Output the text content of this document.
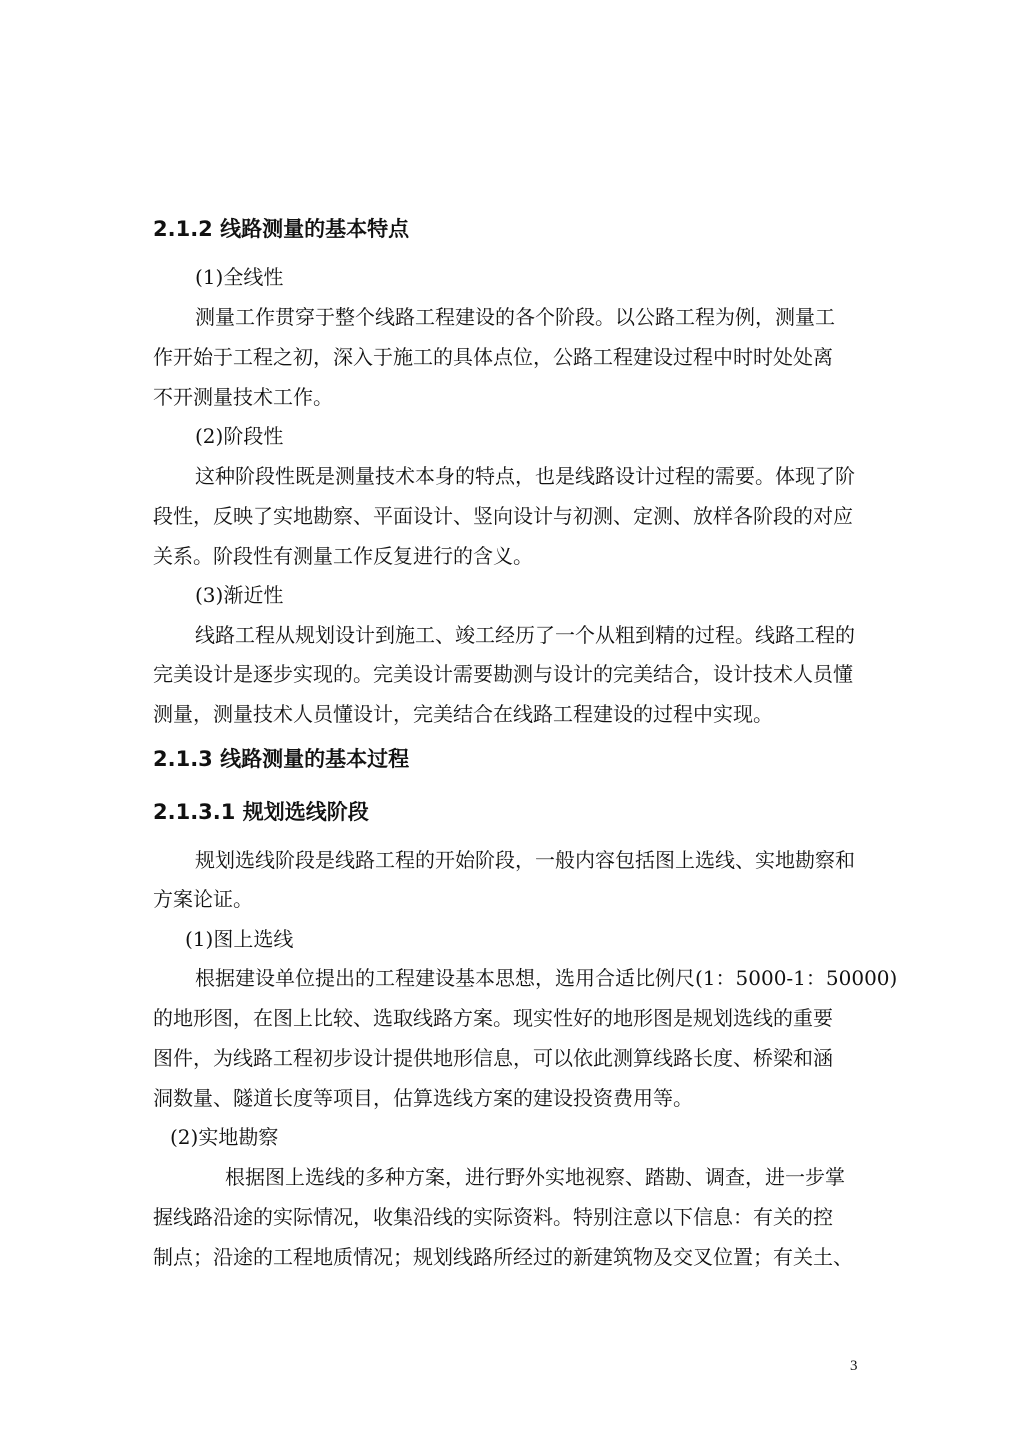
2.1.2 线路测量的基本特点
(1)全线性
测量工作贯穿于整个线路工程建设的各个阶段。以公路工程为例，测量工
作开始于工程之初，深入于施工的具体点位，公路工程建设过程中时时处处离
不开测量技术工作。
(2)阶段性
这种阶段性既是测量技术本身的特点，也是线路设计过程的需要。体现了阶
段性，反映了实地勘察、平面设计、竖向设计与初测、定测、放样各阶段的对应
关系。阶段性有测量工作反复进行的含义。
(3)渐近性
线路工程从规划设计到施工、竣工经历了一个从粗到精的过程。线路工程的
完美设计是逐步实现的。完美设计需要勘测与设计的完美结合，设计技术人员懂
测量，测量技术人员懂设计，完美结合在线路工程建设的过程中实现。
2.1.3 线路测量的基本过程
2.1.3.1 规划选线阶段
规划选线阶段是线路工程的开始阶段，一般内容包括图上选线、实地勘察和
方案论证。
(1)图上选线
根据建设单位提出的工程建设基本思想，选用合适比例尺(1：5000-1：50000)
的地形图，在图上比较、选取线路方案。现实性好的地形图是规划选线的重要
图件，为线路工程初步设计提供地形信息，可以依此测算线路长度、桥梁和涵
洞数量、隧道长度等项目，估算选线方案的建设投资费用等。
(2)实地勘察
根据图上选线的多种方案，进行野外实地视察、踏勘、调查，进一步掌
握线路沿途的实际情况，收集沿线的实际资料。特别注意以下信息：有关的控
制点；沿途的工程地质情况；规划线路所经过的新建筑物及交叉位置；有关土、
3
